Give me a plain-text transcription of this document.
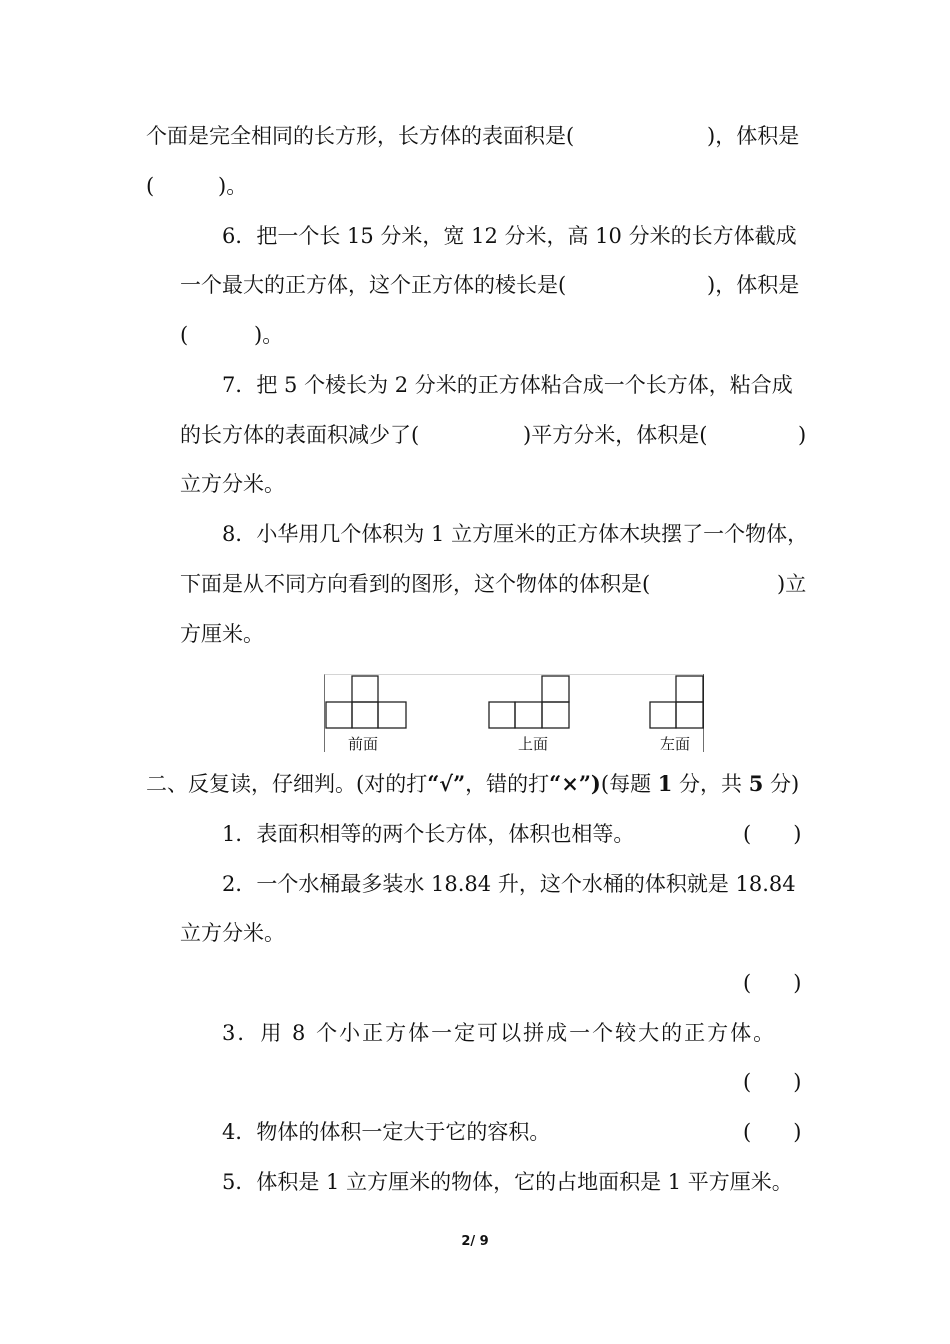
个面是完全相同的长方形，长方体的表面积是(	)，体积是
(	)。
6．把一个长 15 分米，宽 12 分米，高 10 分米的长方体截成
一个最大的正方体，这个正方体的棱长是(	)，体积是
(	)。
7．把 5 个棱长为 2 分米的正方体粘合成一个长方体，粘合成
的长方体的表面积减少了(	)平方分米，体积是(	)
立方分米。
8．小华用几个体积为 1 立方厘米的正方体木块摆了一个物体，
下面是从不同方向看到的图形，这个物体的体积是(	)立
方厘米。
前面	上面	左面
二、反复读，仔细判。(对的打“√”，错的打“×”)(每题 1 分，共 5 分)
1．表面积相等的两个长方体，体积也相等。	(　　)
2．一个水桶最多装水 18.84 升，这个水桶的体积就是 18.84
立方分米。
(　　)
3．用 8 个小正方体一定可以拼成一个较大的正方体。
(　　)
4．物体的体积一定大于它的容积。	(　　)
5．体积是 1 立方厘米的物体，它的占地面积是 1 平方厘米。
2/ 9
